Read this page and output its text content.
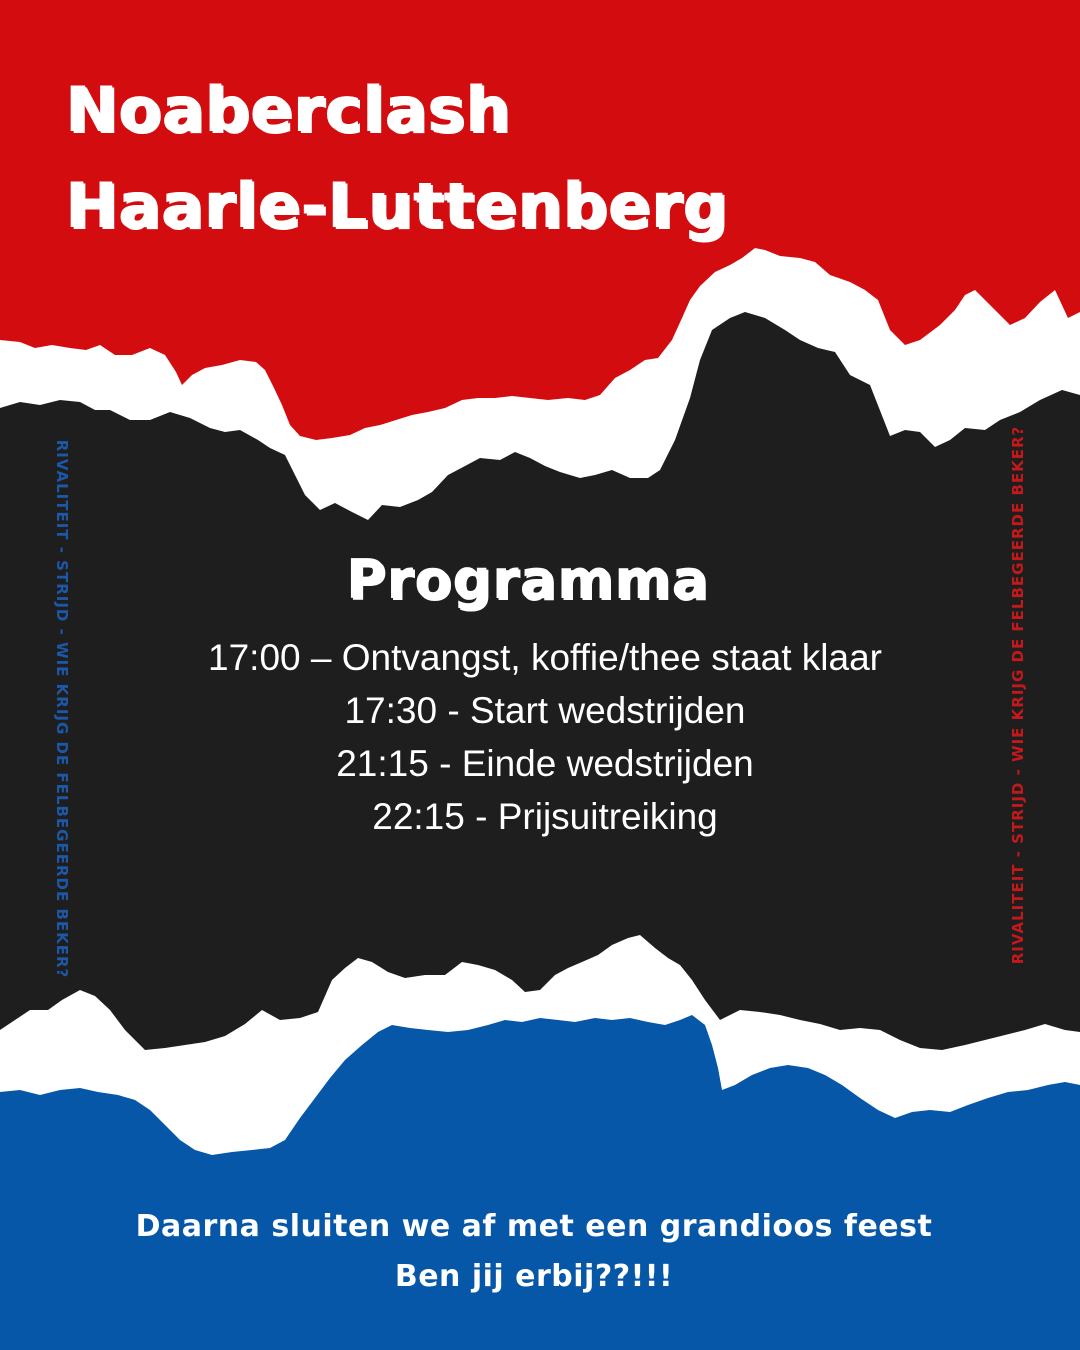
Noaberclash
Haarle-Luttenberg
RIVALITEIT - STRIJD - WIE KRIJG DE FELBEGEERDE BEKER?	RIVALITEIT - STRIJD - WIE KRIJG DE FELBEGEERDE BEKER?
Programma
17:00 – Ontvangst, koffie/thee staat klaar
17:30 - Start wedstrijden
21:15 - Einde wedstrijden
22:15 - Prijsuitreiking
Daarna sluiten we af met een grandioos feest
Ben jij erbij??!!!
